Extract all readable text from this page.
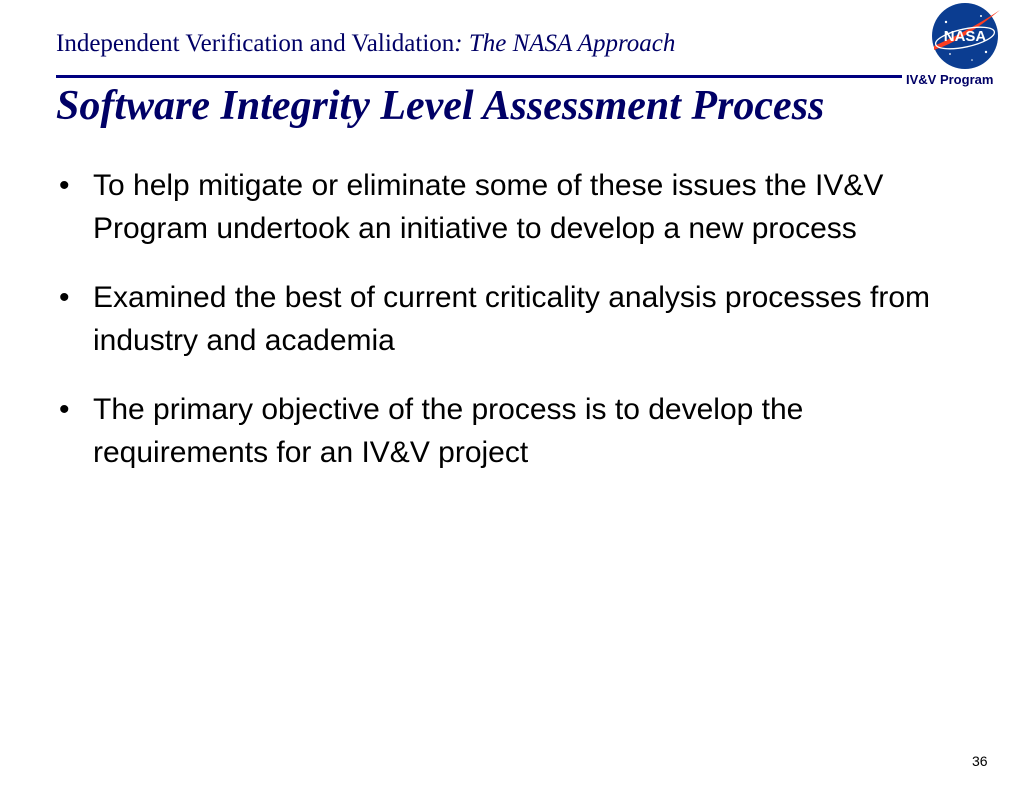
Independent Verification and Validation: The NASA Approach	NASA
IV&V Program
Software Integrity Level Assessment Process
• To help mitigate or eliminate some of these issues the IV&V Program undertook an initiative to develop a new process
• Examined the best of current criticality analysis processes from industry and academia
• The primary objective of the process is to develop the requirements for an IV&V project
36
